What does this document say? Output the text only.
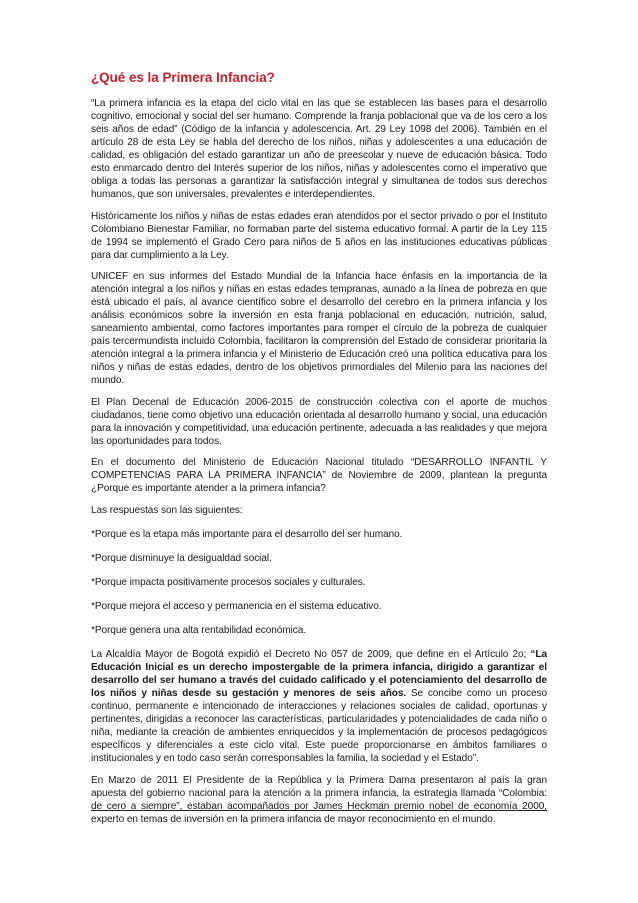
¿Qué es la Primera Infancia?

“La primera infancia es la etapa del ciclo vital en las que se establecen las bases para el desarrollo cognitivo, emocional y social del ser humano. Comprende la franja poblacional que va de los cero a los seis años de edad” (Código de la infancia y adolescencia. Art. 29 Ley 1098 del 2006). También en el artículo 28 de esta Ley se habla del derecho de los niños, niñas y adolescentes a una educación de calidad, es obligación del estado garantizar un año de preescolar y nueve de educación básica. Todo esto enmarcado dentro del Interés superior de los niños, niñas y adolescentes como el imperativo que obliga a todas las personas a garantizar la satisfacción integral y simultanea de todos sus derechos humanos, que son universales, prevalentes e interdependientes.

Históricamente los niños y niñas de estas edades eran atendidos por el sector privado o por el Instituto Colombiano Bienestar Familiar, no formaban parte del sistema educativo formal. A partir de la Ley 115 de 1994 se implementó el Grado Cero para niños de 5 años en las instituciones educativas públicas para dar cumplimiento a la Ley.

UNICEF en sus informes del Estado Mundial de la Infancia hace énfasis en la importancia de la atención integral a los niños y niñas en estas edades tempranas, aunado a la línea de pobreza en que está ubicado el país, al avance científico sobre el desarrollo del cerebro en la primera infancia y los análisis económicos sobre la inversión en esta franja poblacional en educación, nutrición, salud, saneamiento ambiental, como factores importantes para romper el círculo de la pobreza de cualquier país tercermundista incluido Colombia, facilitaron la comprensión del Estado de considerar prioritaria la atención integral a la primera infancia y el Ministerio de Educación creó una política educativa para los niños y niñas de estas edades, dentro de los objetivos primordiales del Milenio para las naciones del mundo.

El Plan Decenal de Educación 2006-2015 de construcción colectiva con el aporte de muchos ciudadanos, tiene como objetivo una educación orientada al desarrollo humano y social, una educación para la innovación y competitividad, una educación pertinente, adecuada a las realidades y que mejora las oportunidades para todos.

En el documento del Ministerio de Educación Nacional titulado “DESARROLLO INFANTIL Y COMPETENCIAS PARA LA PRIMERA INFANCIA” de Noviembre de 2009, plantean la pregunta ¿Porque es importante atender a la primera infancia?

Las respuestas son las siguientes:

*Porque es la etapa más importante para el desarrollo del ser humano.

*Porque disminuye la desigualdad social.

*Porque impacta positivamente procesos sociales y culturales.

*Porque mejora el acceso y permanencia en el sistema educativo.

*Porque genera una alta rentabilidad económica.

La Alcaldía Mayor de Bogotá expidió el Decreto No 057 de 2009, que define en el Artículo 2o; “La Educación Inicial es un derecho impostergable de la primera infancia, dirigido a garantizar el desarrollo del ser humano a través del cuidado calificado y el potenciamiento del desarrollo de los niños y niñas desde su gestación y menores de seis años. Se concibe como un proceso continuo, permanente e intencionado de interacciones y relaciones sociales de calidad, oportunas y pertinentes, dirigidas a reconocer las características, particularidades y potencialidades de cada niño o niña, mediante la creación de ambientes enriquecidos y la implementación de procesos pedagógicos específicos y diferenciales a este ciclo vital. Este puede proporcionarse en ámbitos familiares o institucionales y en todo caso serán corresponsables la familia, la sociedad y el Estado”.

En Marzo de 2011 El Presidente de la República y la Primera Dama presentaron al país la gran apuesta del gobierno nacional para la atención a la primera infancia, la estrategia llamada “Colombia: de cero a siempre”, estaban acompañados por James Heckman premio nobel de economía 2000, experto en temas de inversión en la primera infancia de mayor reconocimiento en el mundo.
